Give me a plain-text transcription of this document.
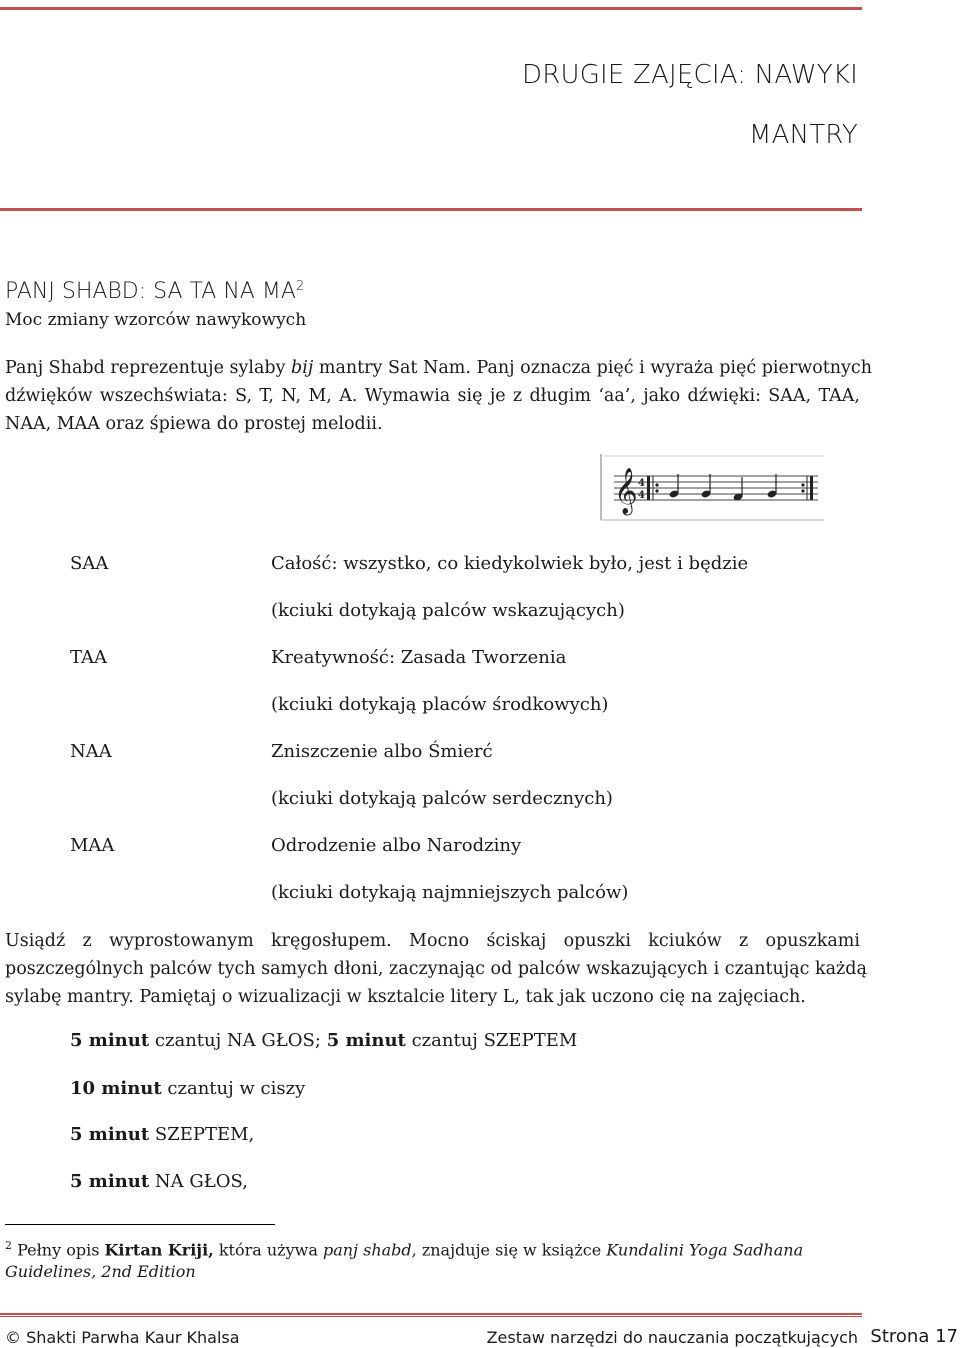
DRUGIE ZAJĘCIA: NAWYKI
MANTRY
PANJ SHABD: SA TA NA $MA^2$
Moc zmiany wzorców nawykowych
Panj Shabd reprezentuje sylaby bij mantry Sat Nam. Panj oznacza pięć i wyraża pięć pierwotnych
dźwięków wszechświata: S, T, N, M, A. Wymawia się je z długim ‘aa’, jako dźwięki: SAA, TAA,
NAA, MAA oraz śpiewa do prostej melodii.
𝄞 4
4
SAA	Całość: wszystko, co kiedykolwiek było, jest i będzie
(kciuki dotykają palców wskazujących)
TAA	Kreatywność: Zasada Tworzenia
(kciuki dotykają placów środkowych)
NAA	Zniszczenie albo Śmierć
(kciuki dotykają palców serdecznych)
MAA	Odrodzenie albo Narodziny
(kciuki dotykają najmniejszych palców)
Usiądź z wyprostowanym kręgosłupem. Mocno ściskaj opuszki kciuków z opuszkami
poszczególnych palców tych samych dłoni, zaczynając od palców wskazujących i czantując każdą
sylabę mantry. Pamiętaj o wizualizacji w ksztalcie litery L, tak jak uczono cię na zajęciach.
5 minut czantuj NA GŁOS; 5 minut czantuj SZEPTEM
10 minut czantuj w ciszy
5 minut SZEPTEM,
5 minut NA GŁOS,
$^2$ Pełny opis Kirtan Kriji, która używa panj shabd, znajduje się w książce Kundalini Yoga Sadhana
Guidelines, 2nd Edition
© Shakti Parwha Kaur Khalsa	Zestaw narzędzi do nauczania początkujących Strona 17
